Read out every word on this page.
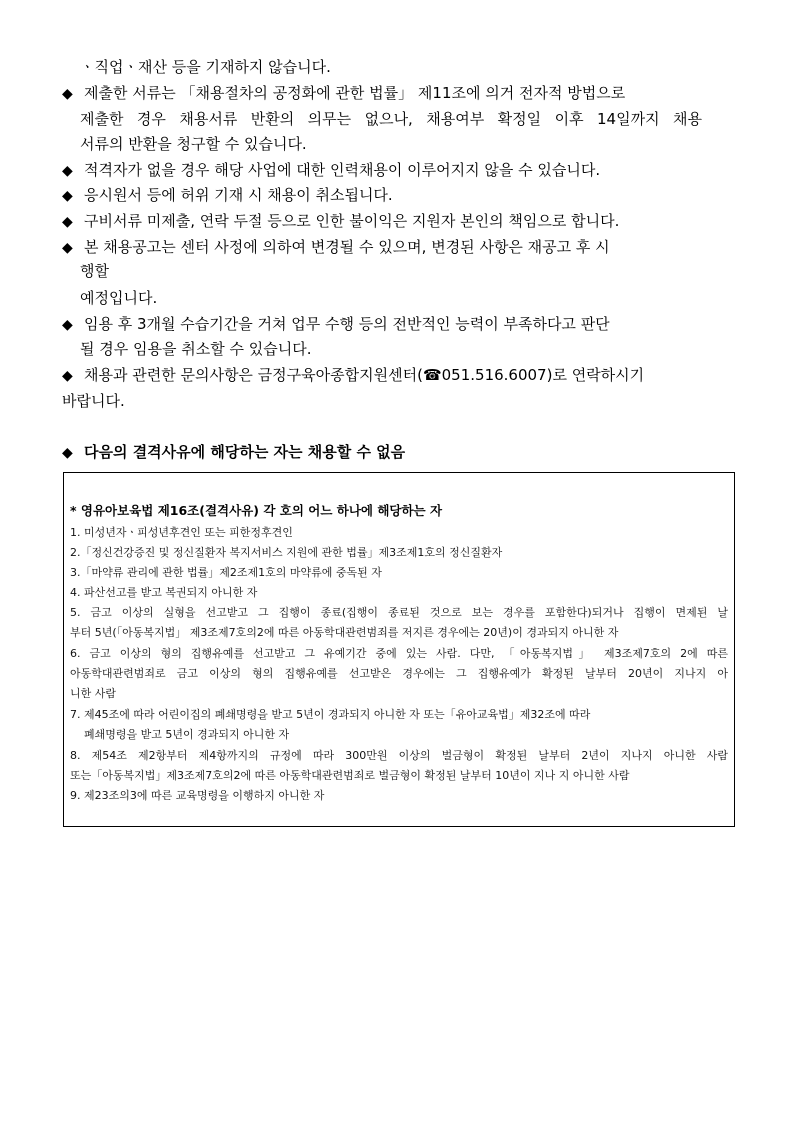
ㆍ직업ㆍ재산 등을 기재하지 않습니다.
◆ 제출한 서류는 「채용절차의 공정화에 관한 법률」 제11조에 의거 전자적 방법으로
제출한 경우 채용서류 반환의 의무는 없으나, 채용여부 확정일 이후 14일까지 채용
서류의 반환을 청구할 수 있습니다.
◆ 적격자가 없을 경우 해당 사업에 대한 인력채용이 이루어지지 않을 수 있습니다.
◆ 응시원서 등에 허위 기재 시 채용이 취소됩니다.
◆ 구비서류 미제출, 연락 두절 등으로 인한 불이익은 지원자 본인의 책임으로 합니다.
◆ 본 채용공고는 센터 사정에 의하여 변경될 수 있으며, 변경된 사항은 재공고 후 시
행할
예정입니다.
◆ 임용 후 3개월 수습기간을 거쳐 업무 수행 등의 전반적인 능력이 부족하다고 판단
될 경우 임용을 취소할 수 있습니다.
◆ 채용과 관련한 문의사항은 금정구육아종합지원센터(☎051.516.6007)로 연락하시기
바랍니다.
◆ 다음의 결격사유에 해당하는 자는 채용할 수 없음
* 영유아보육법 제16조(결격사유) 각 호의 어느 하나에 해당하는 자
1. 미성년자ㆍ피성년후견인 또는 피한정후견인
2.「정신건강증진 및 정신질환자 복지서비스 지원에 관한 법률」제3조제1호의 정신질환자
3.「마약류 관리에 관한 법률」제2조제1호의 마약류에 중독된 자
4. 파산선고를 받고 복권되지 아니한 자
5. 금고 이상의 실형을 선고받고 그 집행이 종료(집행이 종료된 것으로 보는 경우를 포함한다)되거나 집행이 면제된 날
부터 5년(「아동복지법」 제3조제7호의2에 따른 아동학대관련범죄를 저지른 경우에는 20년)이 경과되지 아니한 자
6. 금고 이상의 형의 집행유예를 선고받고 그 유예기간 중에 있는 사람. 다만, 「아동복지법」 제3조제7호의 2에 따른
아동학대관련범죄로 금고 이상의 형의 집행유예를 선고받은 경우에는 그 집행유예가 확정된 날부터 20년이 지나지 아
니한 사람
7. 제45조에 따라 어린이집의 폐쇄명령을 받고 5년이 경과되지 아니한 자 또는「유아교육법」제32조에 따라
폐쇄명령을 받고 5년이 경과되지 아니한 자
8. 제54조 제2항부터 제4항까지의 규정에 따라 300만원 이상의 벌금형이 확정된 날부터 2년이 지나지 아니한 사람
또는「아동복지법」제3조제7호의2에 따른 아동학대관련범죄로 벌금형이 확정된 날부터 10년이 지나 지 아니한 사람
9. 제23조의3에 따른 교육명령을 이행하지 아니한 자
